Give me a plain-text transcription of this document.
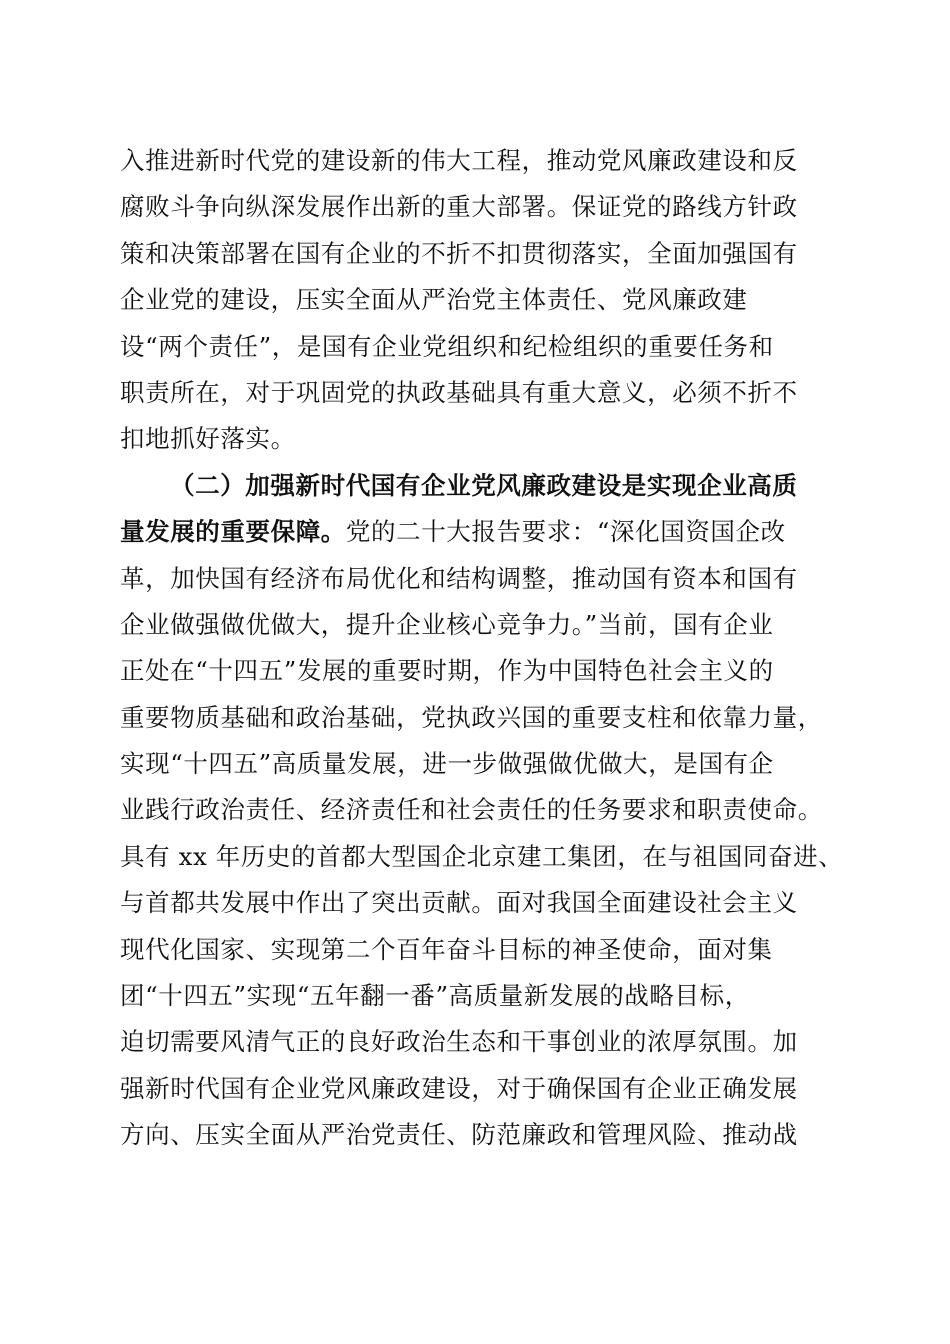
入推进新时代党的建设新的伟大工程，推动党风廉政建设和反
腐败斗争向纵深发展作出新的重大部署。保证党的路线方针政
策和决策部署在国有企业的不折不扣贯彻落实，全面加强国有
企业党的建设，压实全面从严治党主体责任、党风廉政建
设“两个责任”，是国有企业党组织和纪检组织的重要任务和
职责所在，对于巩固党的执政基础具有重大意义，必须不折不
扣地抓好落实。
（二）加强新时代国有企业党风廉政建设是实现企业高质
量发展的重要保障。党的二十大报告要求：“深化国资国企改
革，加快国有经济布局优化和结构调整，推动国有资本和国有
企业做强做优做大，提升企业核心竞争力。”当前，国有企业
正处在“十四五”发展的重要时期，作为中国特色社会主义的
重要物质基础和政治基础，党执政兴国的重要支柱和依靠力量，
实现“十四五”高质量发展，进一步做强做优做大，是国有企
业践行政治责任、经济责任和社会责任的任务要求和职责使命。
具有 xx 年历史的首都大型国企北京建工集团，在与祖国同奋进、
与首都共发展中作出了突出贡献。面对我国全面建设社会主义
现代化国家、实现第二个百年奋斗目标的神圣使命，面对集
团“十四五”实现“五年翻一番”高质量新发展的战略目标，
迫切需要风清气正的良好政治生态和干事创业的浓厚氛围。加
强新时代国有企业党风廉政建设，对于确保国有企业正确发展
方向、压实全面从严治党责任、防范廉政和管理风险、推动战
